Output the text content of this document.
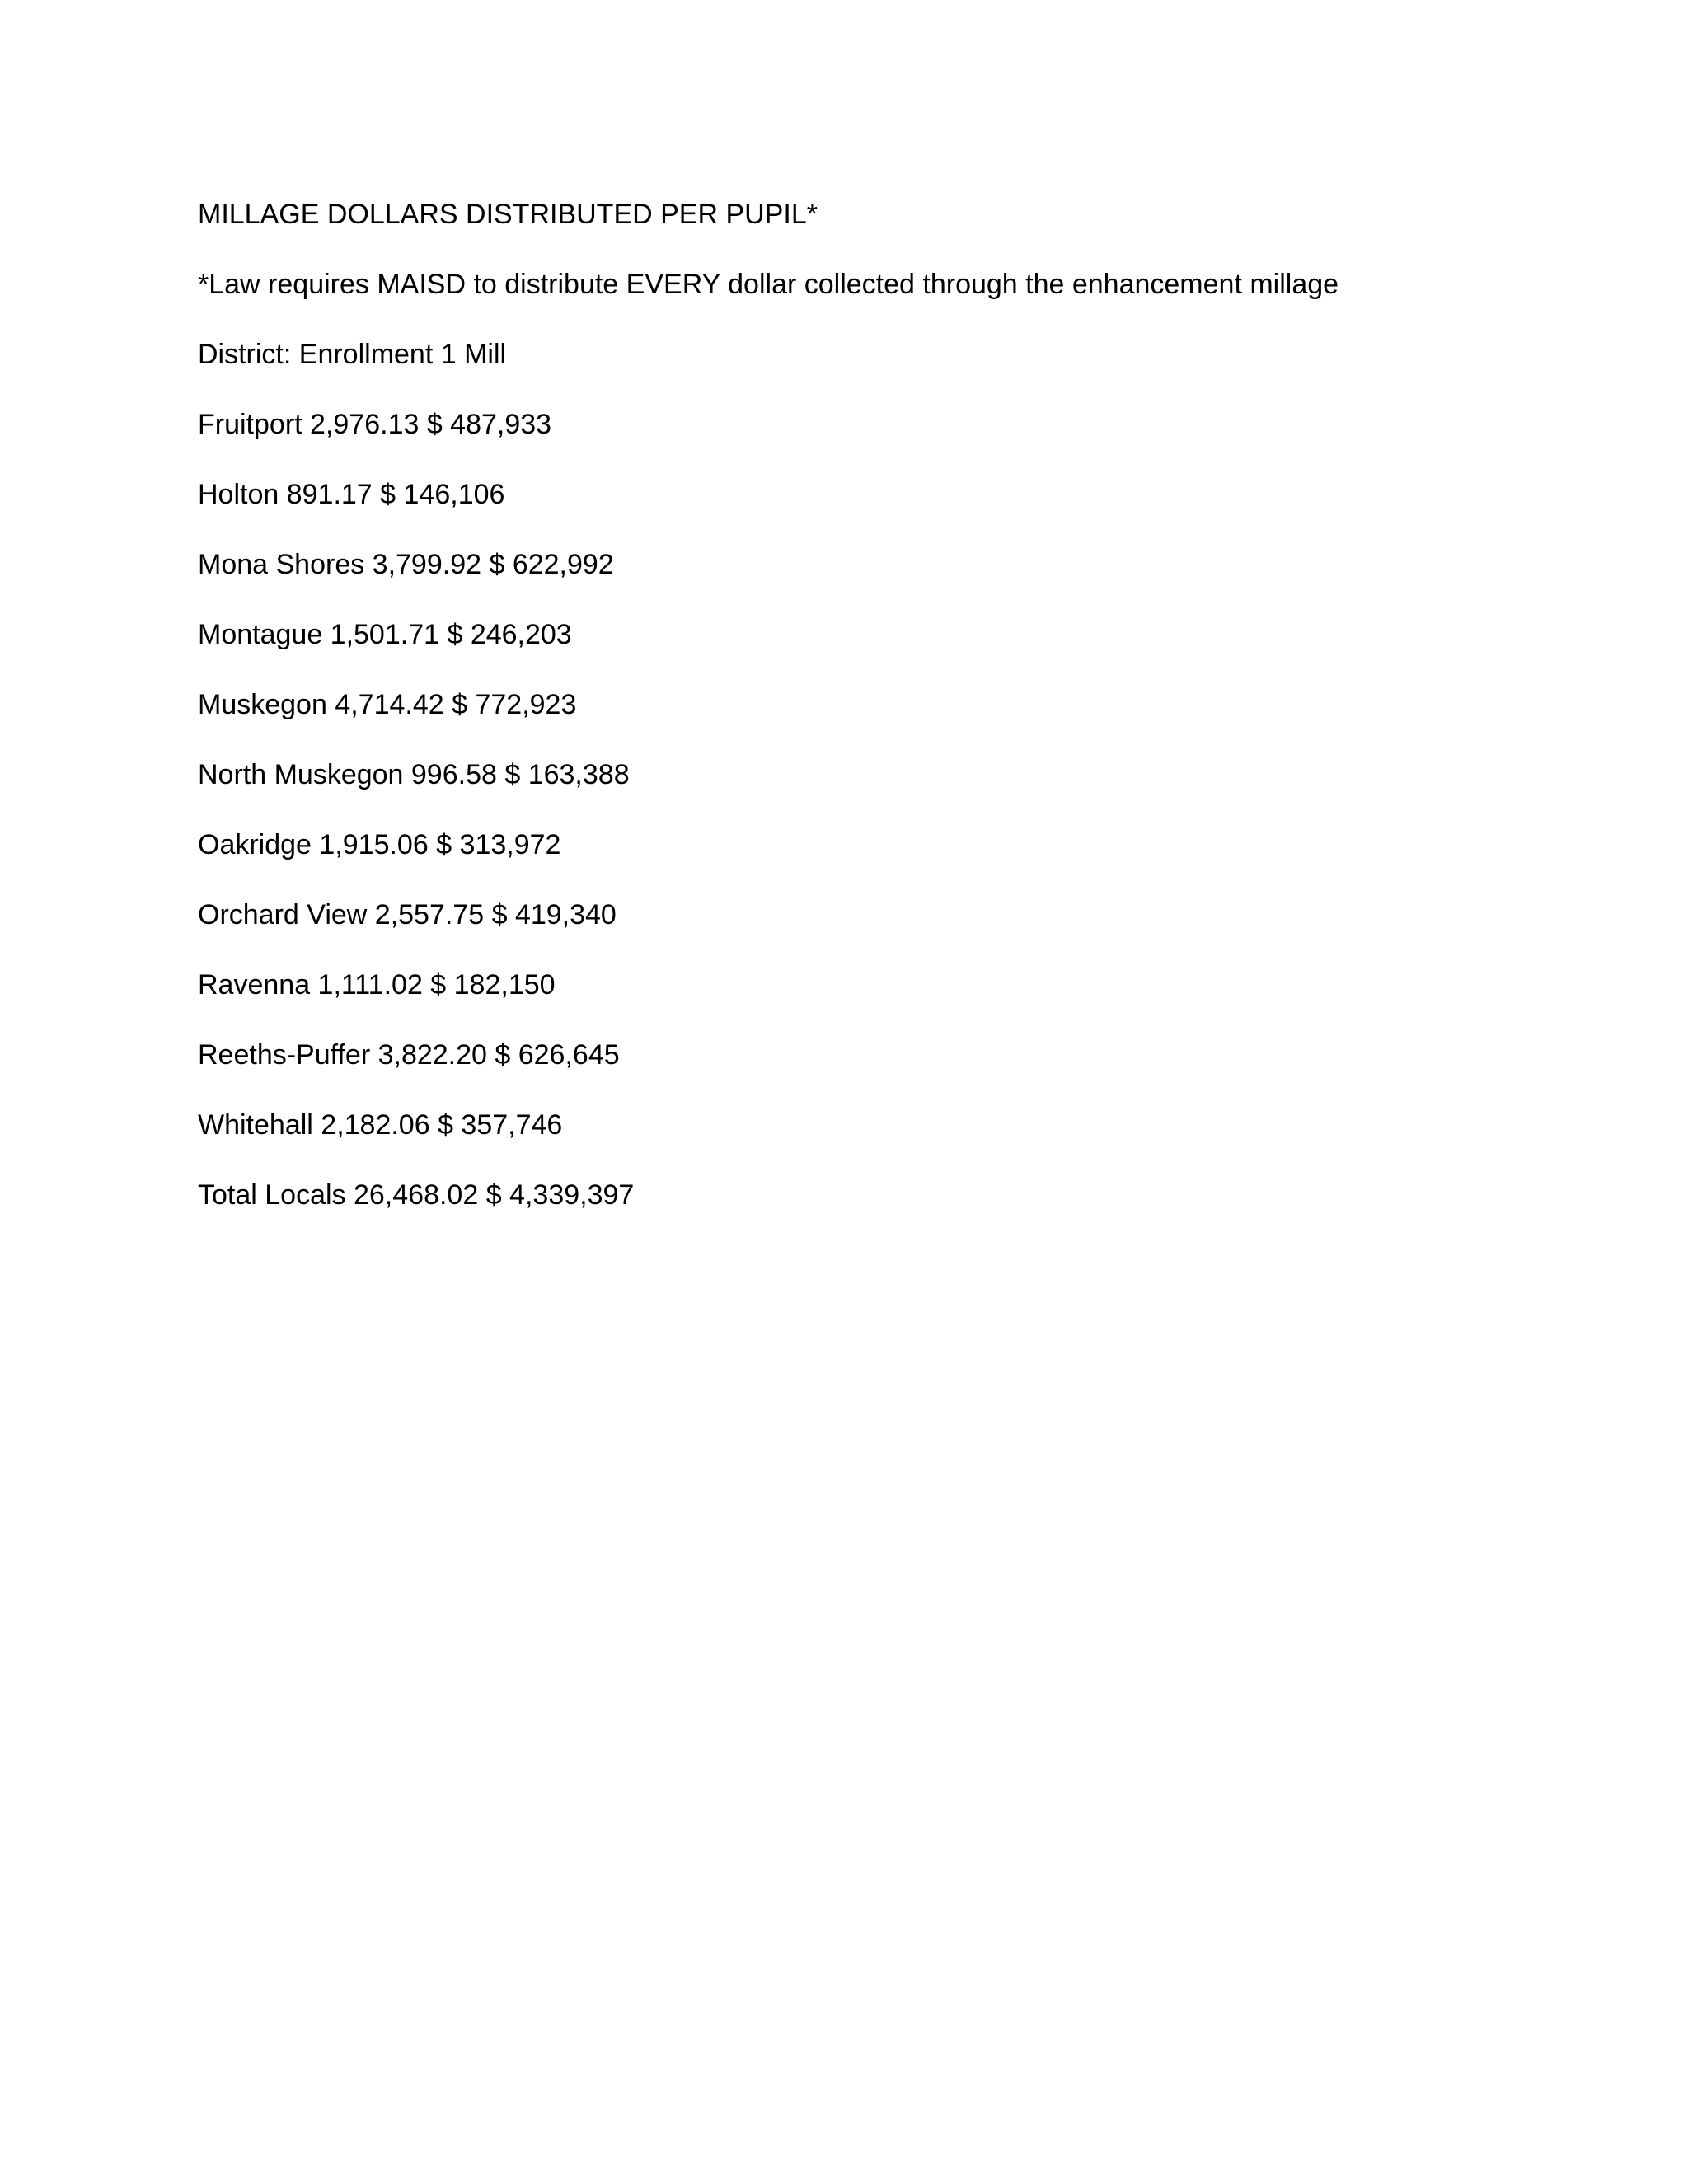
MILLAGE DOLLARS DISTRIBUTED PER PUPIL*

*Law requires MAISD to distribute EVERY dollar collected through the enhancement millage

District: Enrollment 1 Mill

Fruitport 2,976.13 $ 487,933

Holton 891.17 $ 146,106

Mona Shores 3,799.92 $ 622,992

Montague 1,501.71 $ 246,203

Muskegon 4,714.42 $ 772,923

North Muskegon 996.58 $ 163,388

Oakridge 1,915.06 $ 313,972

Orchard View 2,557.75 $ 419,340

Ravenna 1,111.02 $ 182,150

Reeths-Puffer 3,822.20 $ 626,645

Whitehall 2,182.06 $ 357,746

Total Locals 26,468.02 $ 4,339,397
